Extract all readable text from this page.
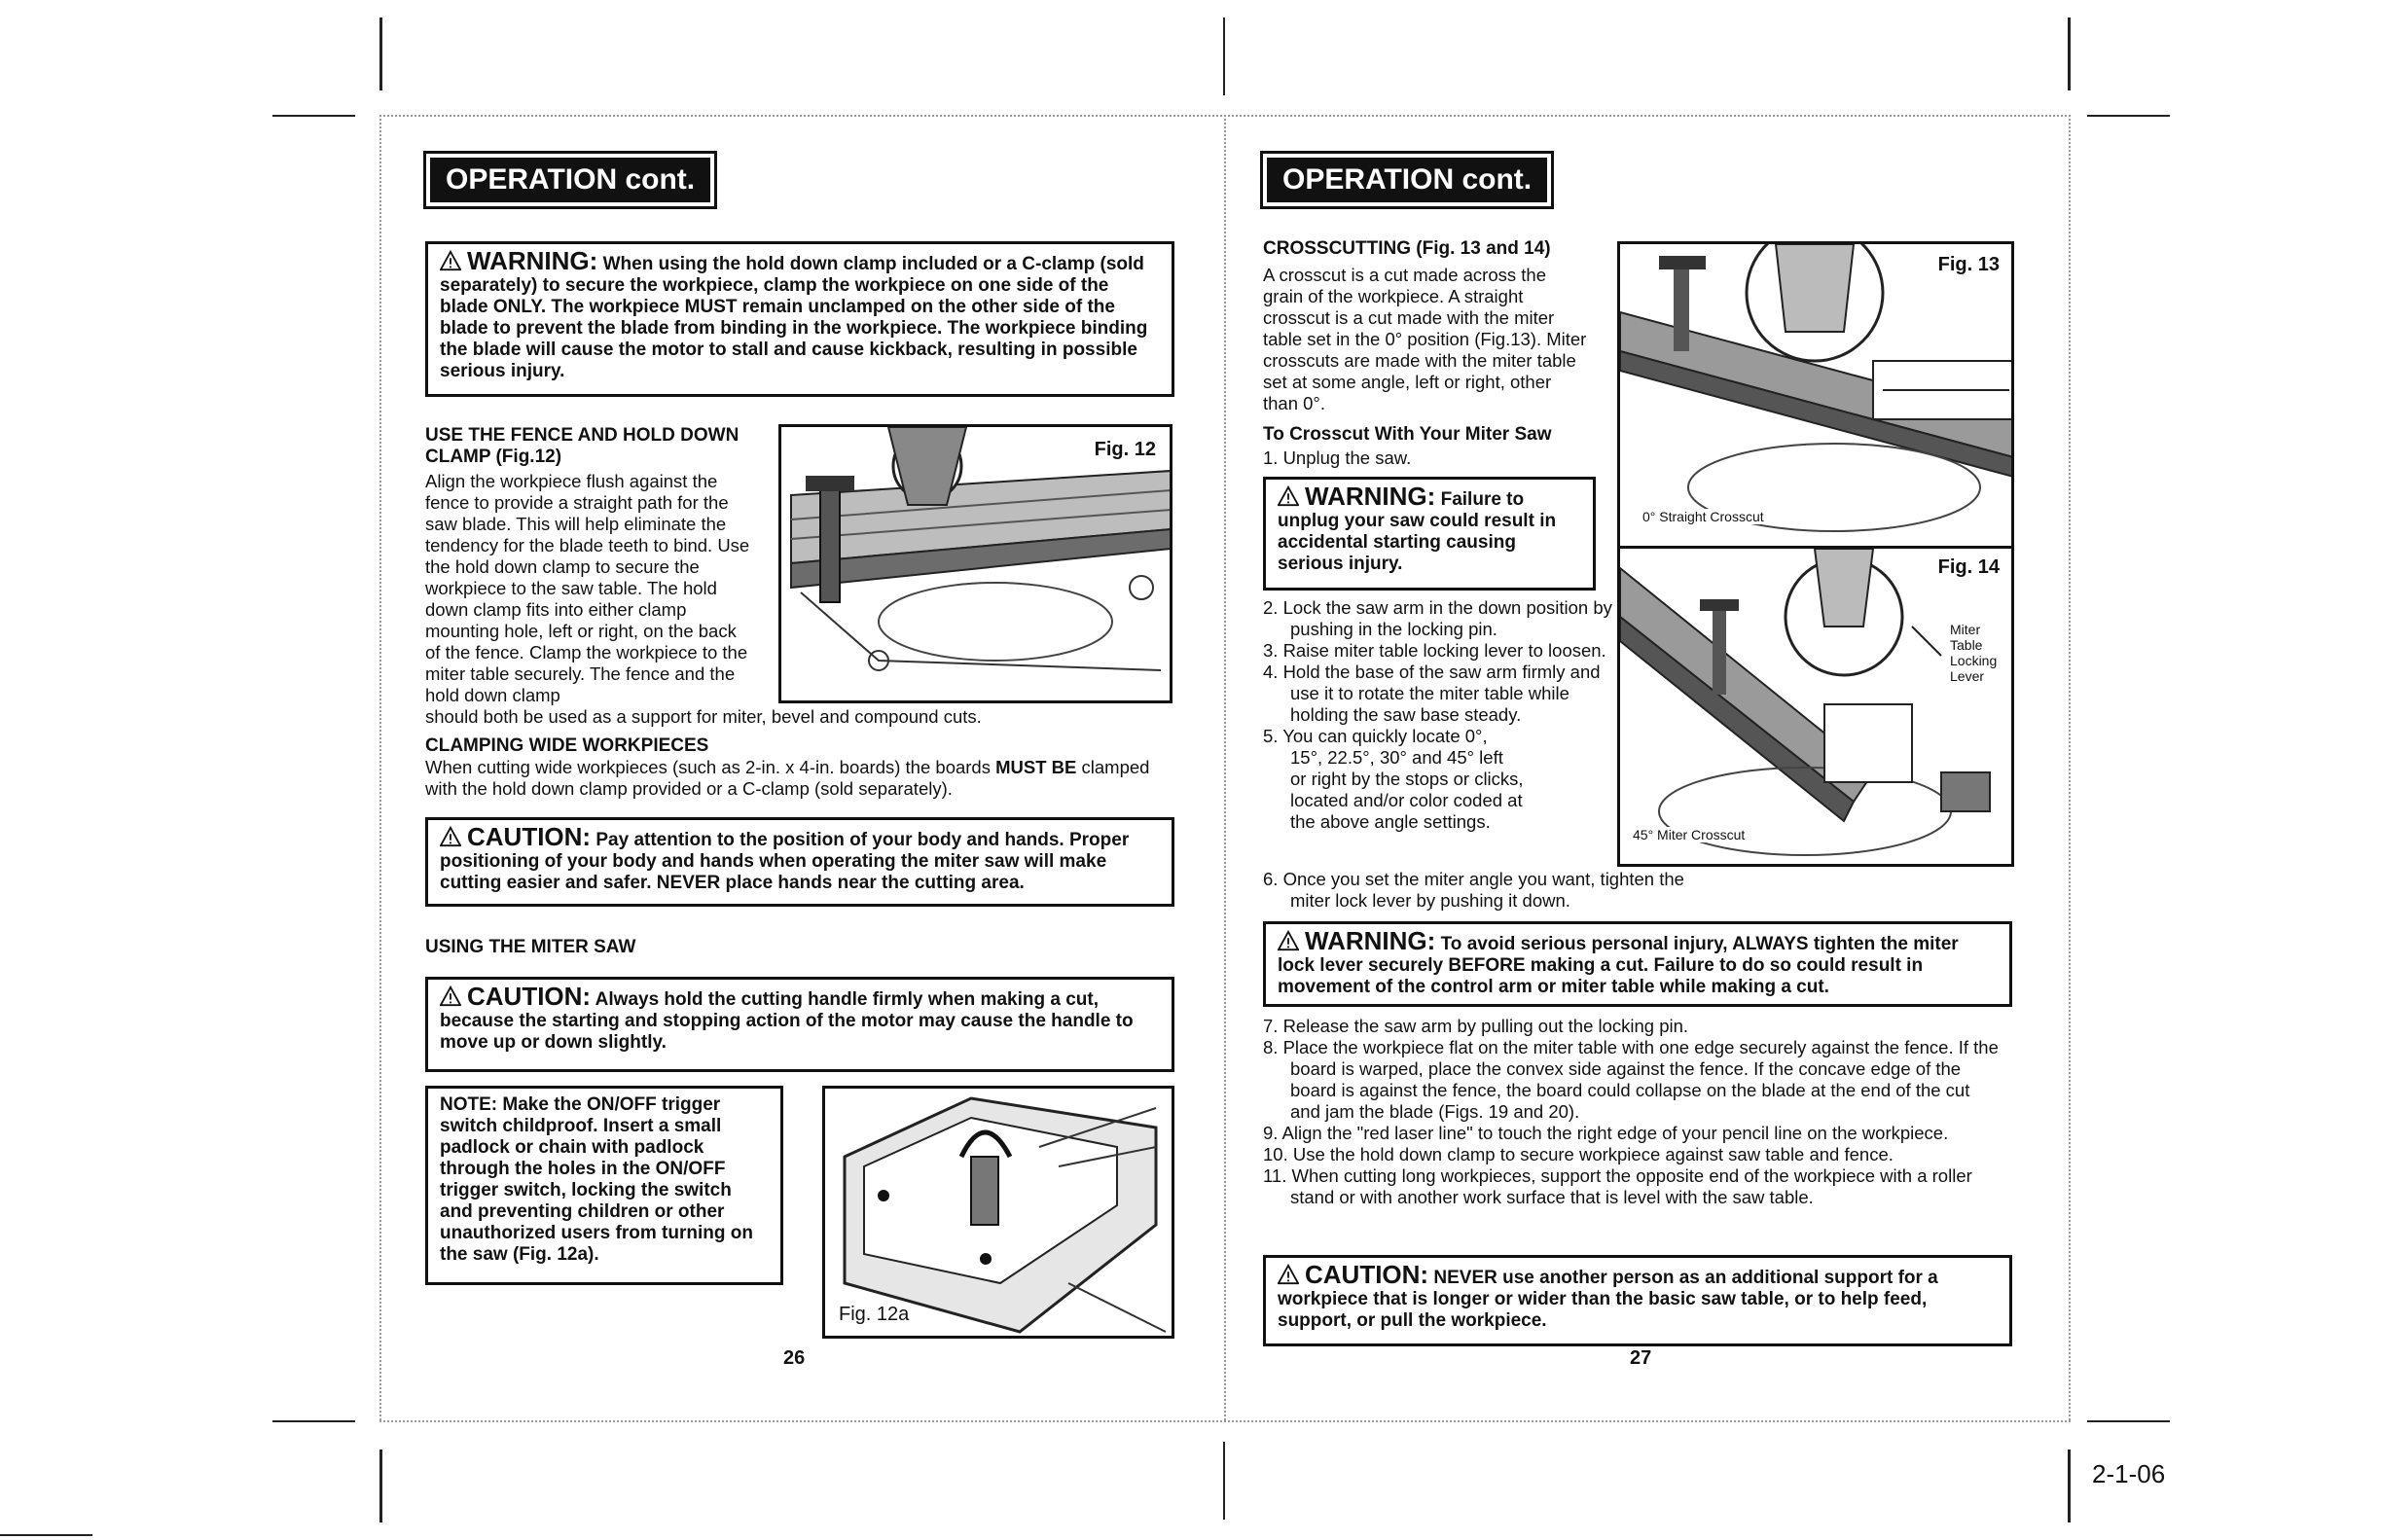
OPERATION cont.
WARNING: When using the hold down clamp included or a C-clamp (sold separately) to secure the workpiece, clamp the workpiece on one side of the blade ONLY. The workpiece MUST remain unclamped on the other side of the blade to prevent the blade from binding in the workpiece. The workpiece binding the blade will cause the motor to stall and cause kickback, resulting in possible serious injury.
USE THE FENCE AND HOLD DOWN CLAMP (Fig.12)
Align the workpiece flush against the fence to provide a straight path for the saw blade. This will help eliminate the tendency for the blade teeth to bind. Use the hold down clamp to secure the workpiece to the saw table. The hold down clamp fits into either clamp mounting hole, left or right, on the back of the fence. Clamp the workpiece to the miter table securely. The fence and the hold down clamp
should both be used as a support for miter, bevel and compound cuts.
Fig. 12
CLAMPING WIDE WORKPIECES
When cutting wide workpieces (such as 2-in. x 4-in. boards) the boards MUST BE clamped with the hold down clamp provided or a C-clamp (sold separately).
CAUTION: Pay attention to the position of your body and hands. Proper positioning of your body and hands when operating the miter saw will make cutting easier and safer. NEVER place hands near the cutting area.
USING THE MITER SAW
CAUTION: Always hold the cutting handle firmly when making a cut, because the starting and stopping action of the motor may cause the handle to move up or down slightly.
NOTE: Make the ON/OFF trigger switch childproof. Insert a small padlock or chain with padlock through the holes in the ON/OFF trigger switch, locking the switch and preventing children or other unauthorized users from turning on the saw (Fig. 12a).
Fig. 12a
26
OPERATION cont.
CROSSCUTTING (Fig. 13 and 14)
A crosscut is a cut made across the grain of the workpiece. A straight crosscut is a cut made with the miter table set in the 0° position (Fig.13). Miter crosscuts are made with the miter table set at some angle, left or right, other than 0°.
To Crosscut With Your Miter Saw
1. Unplug the saw.
WARNING: Failure to unplug your saw could result in accidental starting causing serious injury.
2. Lock the saw arm in the down position by pushing in the locking pin.
3. Raise miter table locking lever to loosen.
4. Hold the base of the saw arm firmly and use it to rotate the miter table while holding the saw base steady.
5. You can quickly locate 0°, 15°, 22.5°, 30° and 45° left or right by the stops or clicks, located and/or color coded at the above angle settings.
6. Once you set the miter angle you want, tighten the miter lock lever by pushing it down.
Fig. 13
0° Straight Crosscut
Fig. 14
Miter Table Locking Lever
45° Miter Crosscut
WARNING: To avoid serious personal injury, ALWAYS tighten the miter lock lever securely BEFORE making a cut. Failure to do so could result in movement of the control arm or miter table while making a cut.
7. Release the saw arm by pulling out the locking pin.
8. Place the workpiece flat on the miter table with one edge securely against the fence. If the board is warped, place the convex side against the fence. If the concave edge of the board is against the fence, the board could collapse on the blade at the end of the cut and jam the blade (Figs. 19 and 20).
9. Align the "red laser line" to touch the right edge of your pencil line on the workpiece.
10. Use the hold down clamp to secure workpiece against saw table and fence.
11. When cutting long workpieces, support the opposite end of the workpiece with a roller stand or with another work surface that is level with the saw table.
CAUTION: NEVER use another person as an additional support for a workpiece that is longer or wider than the basic saw table, or to help feed, support, or pull the workpiece.
27
2-1-06
